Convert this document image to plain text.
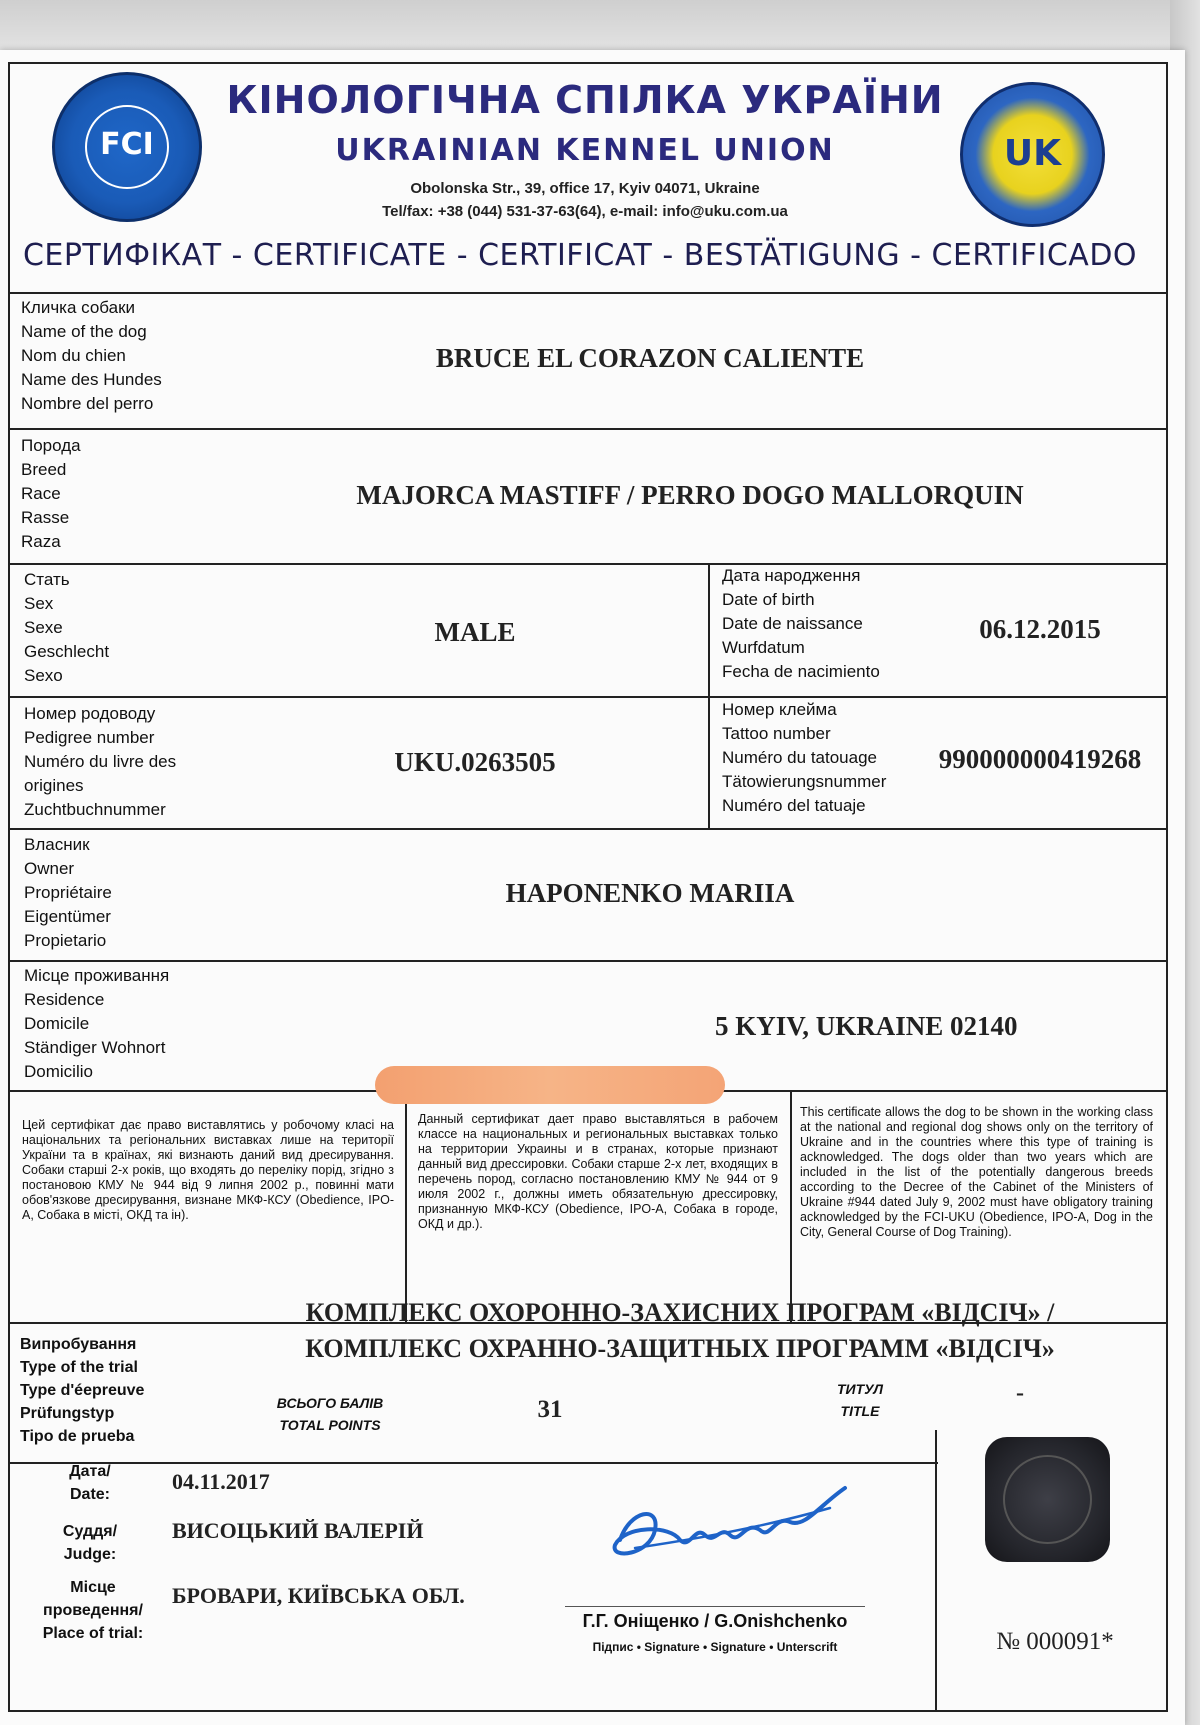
FCI	UK
КІНОЛОГІЧНА СПІЛКА УКРАЇНИ
UKRAINIAN KENNEL UNION
Obolonska Str., 39, office 17, Kyiv 04071, Ukraine
Tel/fax: +38 (044) 531-37-63(64), e-mail: info@uku.com.ua
СЕРТИФІКАТ - CERTIFICATE - CERTIFICAT - BESTÄTIGUNG - CERTIFICADO
Кличка собаки
Name of the dog
Nom du chien
Name des Hundes
Nombre del perro
BRUCE EL CORAZON CALIENTE
Порода
Breed
Race
Rasse
Raza
MAJORCA MASTIFF / PERRO DOGO MALLORQUIN
Стать
Sex
Sexe
Geschlecht
Sexo
MALE
Дата народження
Date of birth
Date de naissance
Wurfdatum
Fecha de nacimiento
06.12.2015
Номер родоводу
Pedigree number
Numéro du livre des
origines
Zuchtbuchnummer
UKU.0263505
Номер клейма
Tattoo number
Numéro du tatouage
Tätowierungsnummer
Numéro del tatuaje
990000000419268
Власник
Owner
Propriétaire
Eigentümer
Propietario
HAPONENKO MARIIA
Місце проживання
Residence
Domicile
Ständiger Wohnort
Domicilio
5 KYIV, UKRAINE 02140
Цей сертифікат дає право виставлятись у робочому класі на національних та регіональних виставках лише на території України та в країнах, які визнають даний вид дресирування. Собаки старші 2-х років, що входять до переліку порід, згідно з постановою КМУ № 944 від 9 липня 2002 р., повинні мати обов'язкове дресирування, визнане МКФ-КСУ (Obedience, IPO-A, Собака в місті, ОКД та ін).
Данный сертификат дает право выставляться в рабочем классе на национальных и региональных выставках только на территории Украины и в странах, которые признают данный вид дрессировки. Собаки старше 2-х лет, входящих в перечень пород, согласно постановлению КМУ № 944 от 9 июля 2002 г., должны иметь обязательную дрессировку, признанную МКФ-КСУ (Obedience, IPO-A, Собака в городе, ОКД и др.).
This certificate allows the dog to be shown in the working class at the national and regional dog shows only on the territory of Ukraine and in the countries where this type of training is acknowledged. The dogs older than two years which are included in the list of the potentially dangerous breeds according to the Decree of the Cabinet of the Ministers of Ukraine #944 dated July 9, 2002 must have obligatory training acknowledged by the FCI-UKU (Obedience, IPO-A, Dog in the City, General Course of Dog Training).
Випробування
Type of the trial
Type d'éepreuve
Prüfungstyp
Tipo de prueba
КОМПЛЕКС ОХОРОННО-ЗАХИСНИХ ПРОГРАМ «ВІДСІЧ» /
КОМПЛЕКС ОХРАННО-ЗАЩИТНЫХ ПРОГРАММ «ВІДСІЧ»
ВСЬОГО БАЛІВ
TOTAL POINTS
31
ТИТУЛ
TITLE
-
Дата/
Date:
04.11.2017
Суддя/
Judge:
ВИСОЦЬКИЙ ВАЛЕРІЙ
Місце
проведення/
Place of trial:
БРОВАРИ, КИЇВСЬКА ОБЛ.
Г.Г. Оніщенко / G.Onishchenko
Підпис • Signature • Signature • Unterscrift	№ 000091*
